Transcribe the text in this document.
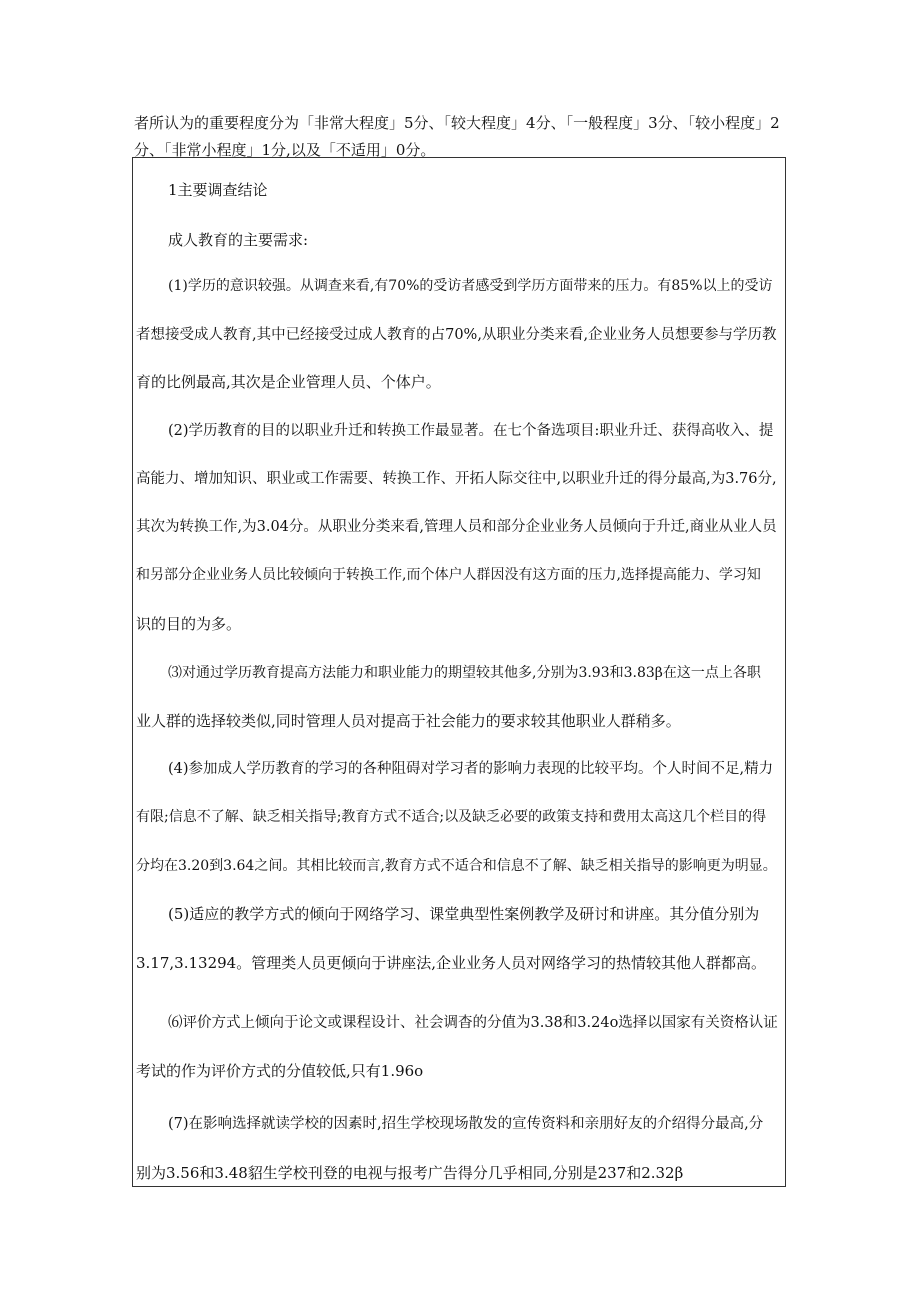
者所认为的重要程度分为「非常大程度」5分、「较大程度」4分、「一般程度」3分、「较小程度」2
分、「非常小程度」1分,以及「不适用」0分。

1主要调查结论

成人教育的主要需求:

(1)学历的意识较强。从调查来看,有70%的受访者感受到学历方面带来的压力。有85%以上的受访

者想接受成人教育,其中已经接受过成人教育的占70%,从职业分类来看,企业业务人员想要参与学历教

育的比例最高,其次是企业管理人员、个体户。

(2)学历教育的目的以职业升迁和转换工作最显著。在七个备选项目:职业升迁、获得高收入、提

高能力、增加知识、职业或工作需要、转换工作、开拓人际交往中,以职业升迁的得分最高,为3.76分,

其次为转换工作,为3.04分。从职业分类来看,管理人员和部分企业业务人员倾向于升迁,商业从业人员

和另部分企业业务人员比较倾向于转换工作,而个体户人群因没有这方面的压力,选择提高能力、学习知

识的目的为多。

⑶对通过学历教育提高方法能力和职业能力的期望较其他多,分别为3.93和3.83β在这一点上各职

业人群的选择较类似,同时管理人员对提高于社会能力的要求较其他职业人群稍多。

(4)参加成人学历教育的学习的各种阻碍对学习者的影响力表现的比较平均。个人时间不足,精力

有限;信息不了解、缺乏相关指导;教育方式不适合;以及缺乏必要的政策支持和费用太高这几个栏目的得

分均在3.20到3.64之间。其相比较而言,教育方式不适合和信息不了解、缺乏相关指导的影响更为明显。

(5)适应的教学方式的倾向于网络学习、课堂典型性案例教学及研讨和讲座。其分值分别为

3.17,3.13294。管理类人员更倾向于讲座法,企业业务人员对网络学习的热情较其他人群都高。

⑹评价方式上倾向于论文或课程设计、社会调杳的分值为3.38和3.24o选择以国家有关资格认证

考试的作为评价方式的分值较低,只有1.96o

(7)在影响选择就读学校的因素时,招生学校现场散发的宣传资料和亲朋好友的介绍得分最高,分

别为3.56和3.48貂生学校刊登的电视与报考广告得分几乎相同,分别是237和2.32β
